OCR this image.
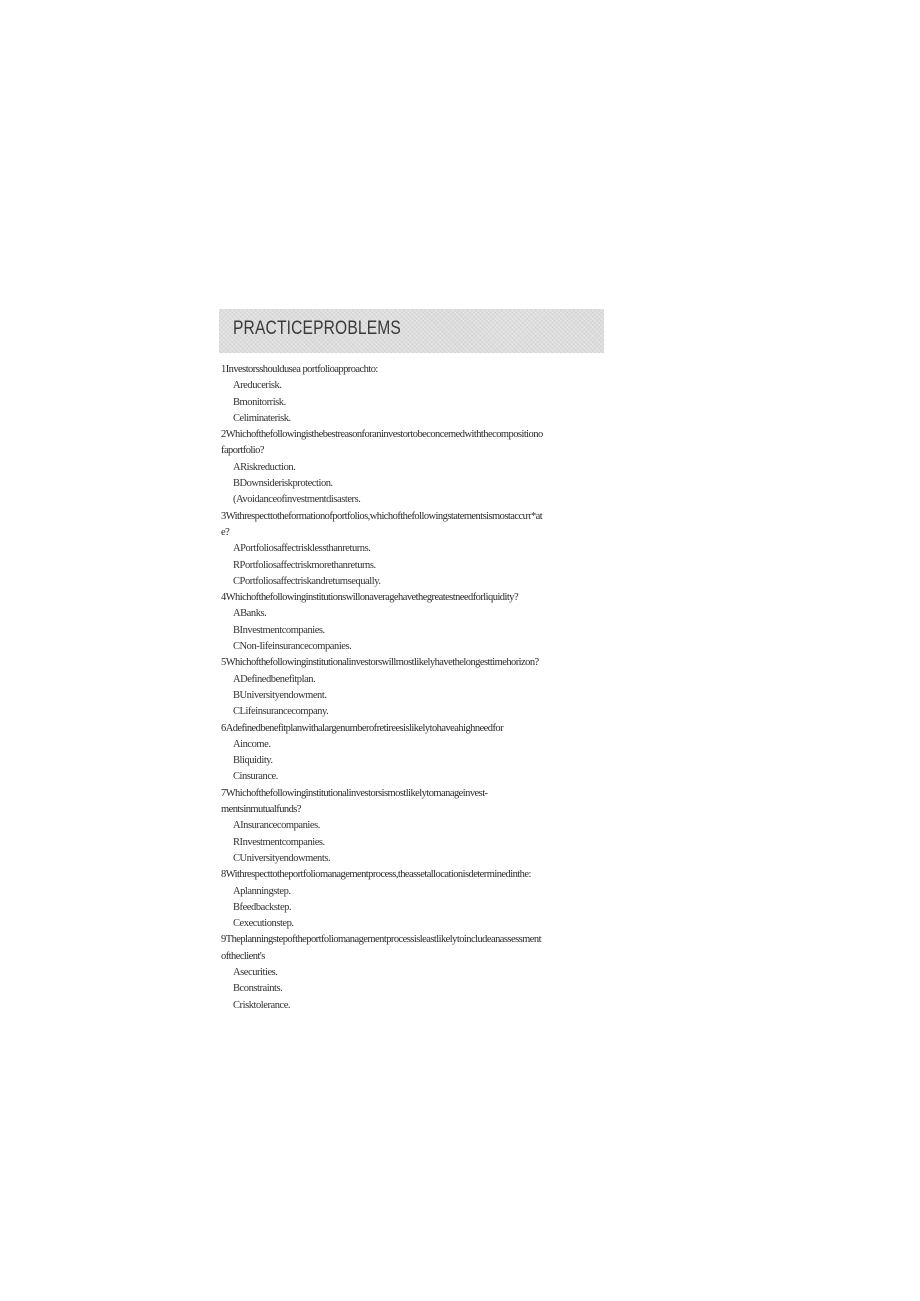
PRACTICEPROBLEMS

1Investorsshouldusea portfolioapproachto:

Areducerisk.
Bmonitorrisk.
Celiminaterisk.

2Whichofthefollowingisthebestreasonforaninvestortobeconcernedwiththecompositiono

faportfolio?

ARiskreduction.
BDownsideriskprotection.
(Avoidanceofinvestmentdisasters.

3Withrespecttotheformationofportfolios,whichofthefollowingstatementsismostaccuτ*at

e?

APortfoliosaffectrisklessthanreturns.
RPortfoliosaffectriskmorethanreturns.
CPortfoliosaffectriskandreturnsequally.

4Whichofthefollowinginstitutionswillonaveragehavethegreatestneedforliquidity?

ABanks.
BInvestmentcompanies.
CNon-Iifeinsurancecompanies.

5Whichofthefollowinginstitutionalinvestorswillmostlikelyhavethelongesttimehorizon?

ADefinedbenefitplan.
BUniversityendowment.
CLifeinsurancecompany.

6Adefinedbenefitplanwithalargenumberofretireesislikelytohaveahighneedfor

Aincome.
Bliquidity.
Cinsurance.

7Whichofthefollowinginstitutionalinvestorsismostlikelytomanageinvest-

mentsinmutualfunds?

AInsurancecompanies.
RInvestmentcompanies.
CUniversityendowments.

8Withrespecttotheportfoliomanagementprocess,theassetallocationisdeterminedinthe:

Aplanningstep.
Bfeedbackstep.
Cexecutionstep.

9Theplanningstepoftheportfoliomanagementprocessisleastlikelytoincludeanassessment

oftheclient's

Asecurities.
Bconstraints.
Crisktolerance.
